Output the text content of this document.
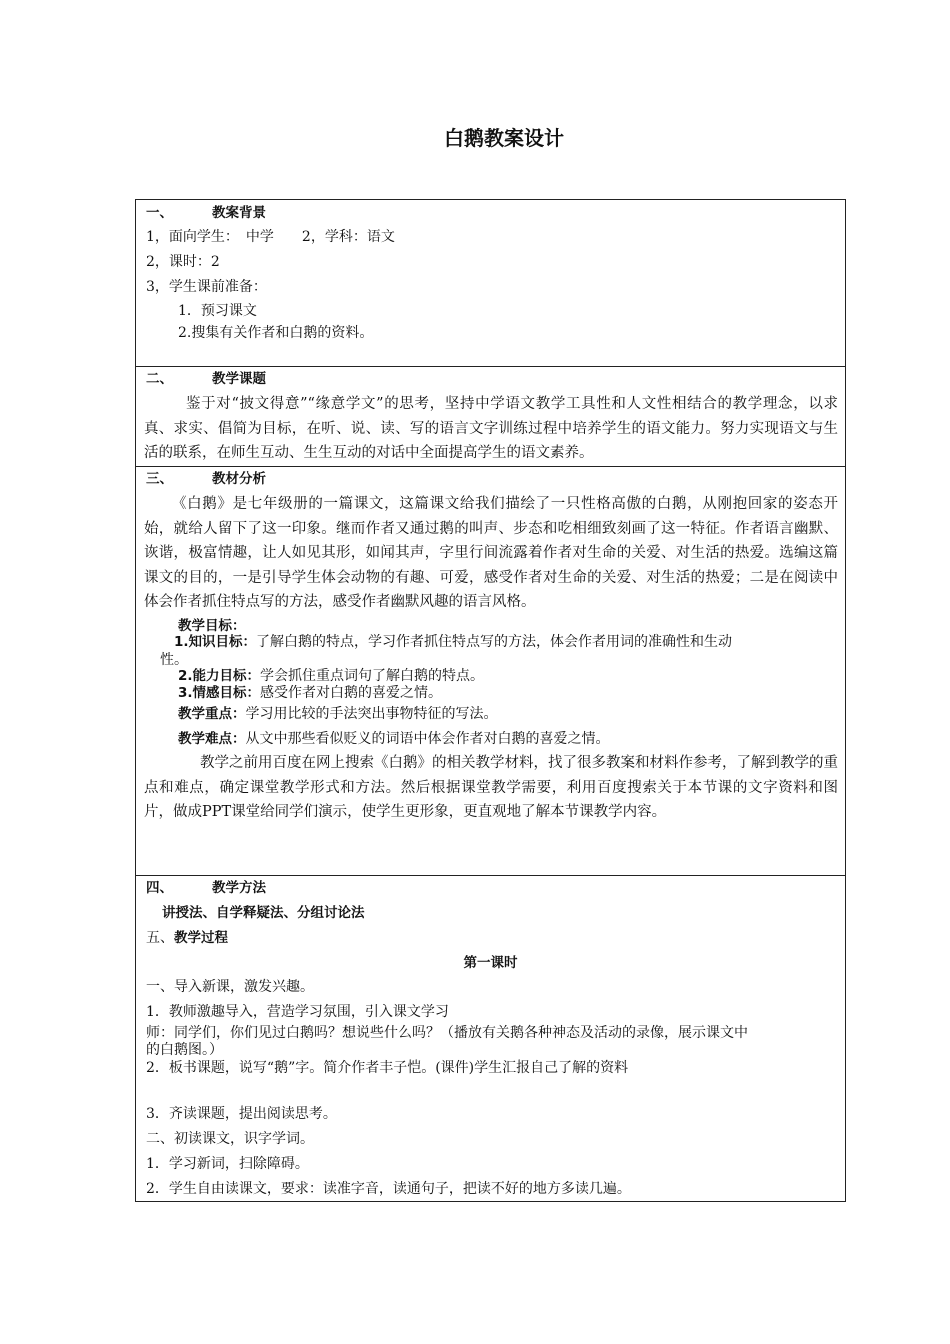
白鹅教案设计
一、	教案背景
1，面向学生：　中学　　2，学科：语文
2，课时：2
3，学生课前准备：
1．预习课文
2.搜集有关作者和白鹅的资料。
二、	教学课题
鉴于对“披文得意”“缘意学文”的思考，坚持中学语文教学工具性和人文性相结合的教学理念，以求真、求实、倡简为目标，在听、说、读、写的语言文字训练过程中培养学生的语文能力。努力实现语文与生活的联系，在师生互动、生生互动的对话中全面提高学生的语文素养。
三、	教材分析
《白鹅》是七年级册的一篇课文，这篇课文给我们描绘了一只性格高傲的白鹅，从刚抱回家的姿态开始，就给人留下了这一印象。继而作者又通过鹅的叫声、步态和吃相细致刻画了这一特征。作者语言幽默、诙谐，极富情趣，让人如见其形，如闻其声，字里行间流露着作者对生命的关爱、对生活的热爱。选编这篇课文的目的，一是引导学生体会动物的有趣、可爱，感受作者对生命的关爱、对生活的热爱；二是在阅读中体会作者抓住特点写的方法，感受作者幽默风趣的语言风格。
教学目标：
1.知识目标：了解白鹅的特点，学习作者抓住特点写的方法，体会作者用词的准确性和生动
性。
2.能力目标：学会抓住重点词句了解白鹅的特点。
3.情感目标：感受作者对白鹅的喜爱之情。
教学重点：学习用比较的手法突出事物特征的写法。
教学难点：从文中那些看似贬义的词语中体会作者对白鹅的喜爱之情。
教学之前用百度在网上搜索《白鹅》的相关教学材料，找了很多教案和材料作参考，了解到教学的重点和难点，确定课堂教学形式和方法。然后根据课堂教学需要，利用百度搜索关于本节课的文字资料和图片，做成PPT课堂给同学们演示，使学生更形象，更直观地了解本节课教学内容。
四、	教学方法
讲授法、自学释疑法、分组讨论法
五、教学过程
第一课时
一、导入新课，激发兴趣。
1．教师激趣导入，营造学习氛围，引入课文学习
师：同学们，你们见过白鹅吗？想说些什么吗？（播放有关鹅各种神态及活动的录像，展示课文中
的白鹅图。）
2．板书课题，说写“鹅”字。简介作者丰子恺。(课件)学生汇报自己了解的资料
3．齐读课题，提出阅读思考。
二、初读课文，识字学词。
1．学习新词，扫除障碍。
2．学生自由读课文，要求：读准字音，读通句子，把读不好的地方多读几遍。
